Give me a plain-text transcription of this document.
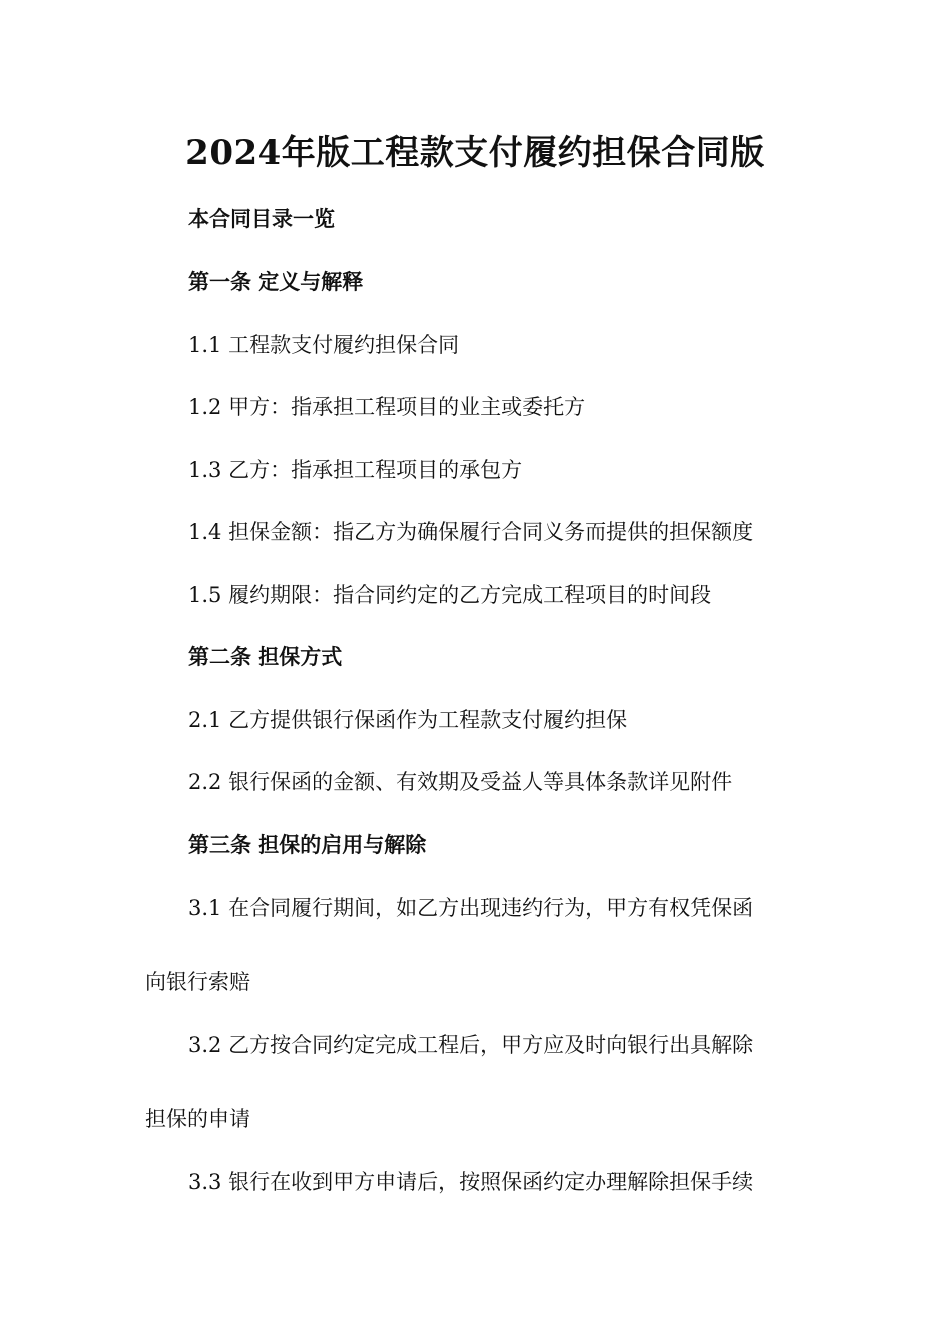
2024年版工程款支付履约担保合同版
本合同目录一览
第一条 定义与解释
1.1 工程款支付履约担保合同
1.2 甲方：指承担工程项目的业主或委托方
1.3 乙方：指承担工程项目的承包方
1.4 担保金额：指乙方为确保履行合同义务而提供的担保额度
1.5 履约期限：指合同约定的乙方完成工程项目的时间段
第二条 担保方式
2.1 乙方提供银行保函作为工程款支付履约担保
2.2 银行保函的金额、有效期及受益人等具体条款详见附件
第三条 担保的启用与解除
3.1 在合同履行期间，如乙方出现违约行为，甲方有权凭保函
向银行索赔
3.2 乙方按合同约定完成工程后，甲方应及时向银行出具解除
担保的申请
3.3 银行在收到甲方申请后，按照保函约定办理解除担保手续
